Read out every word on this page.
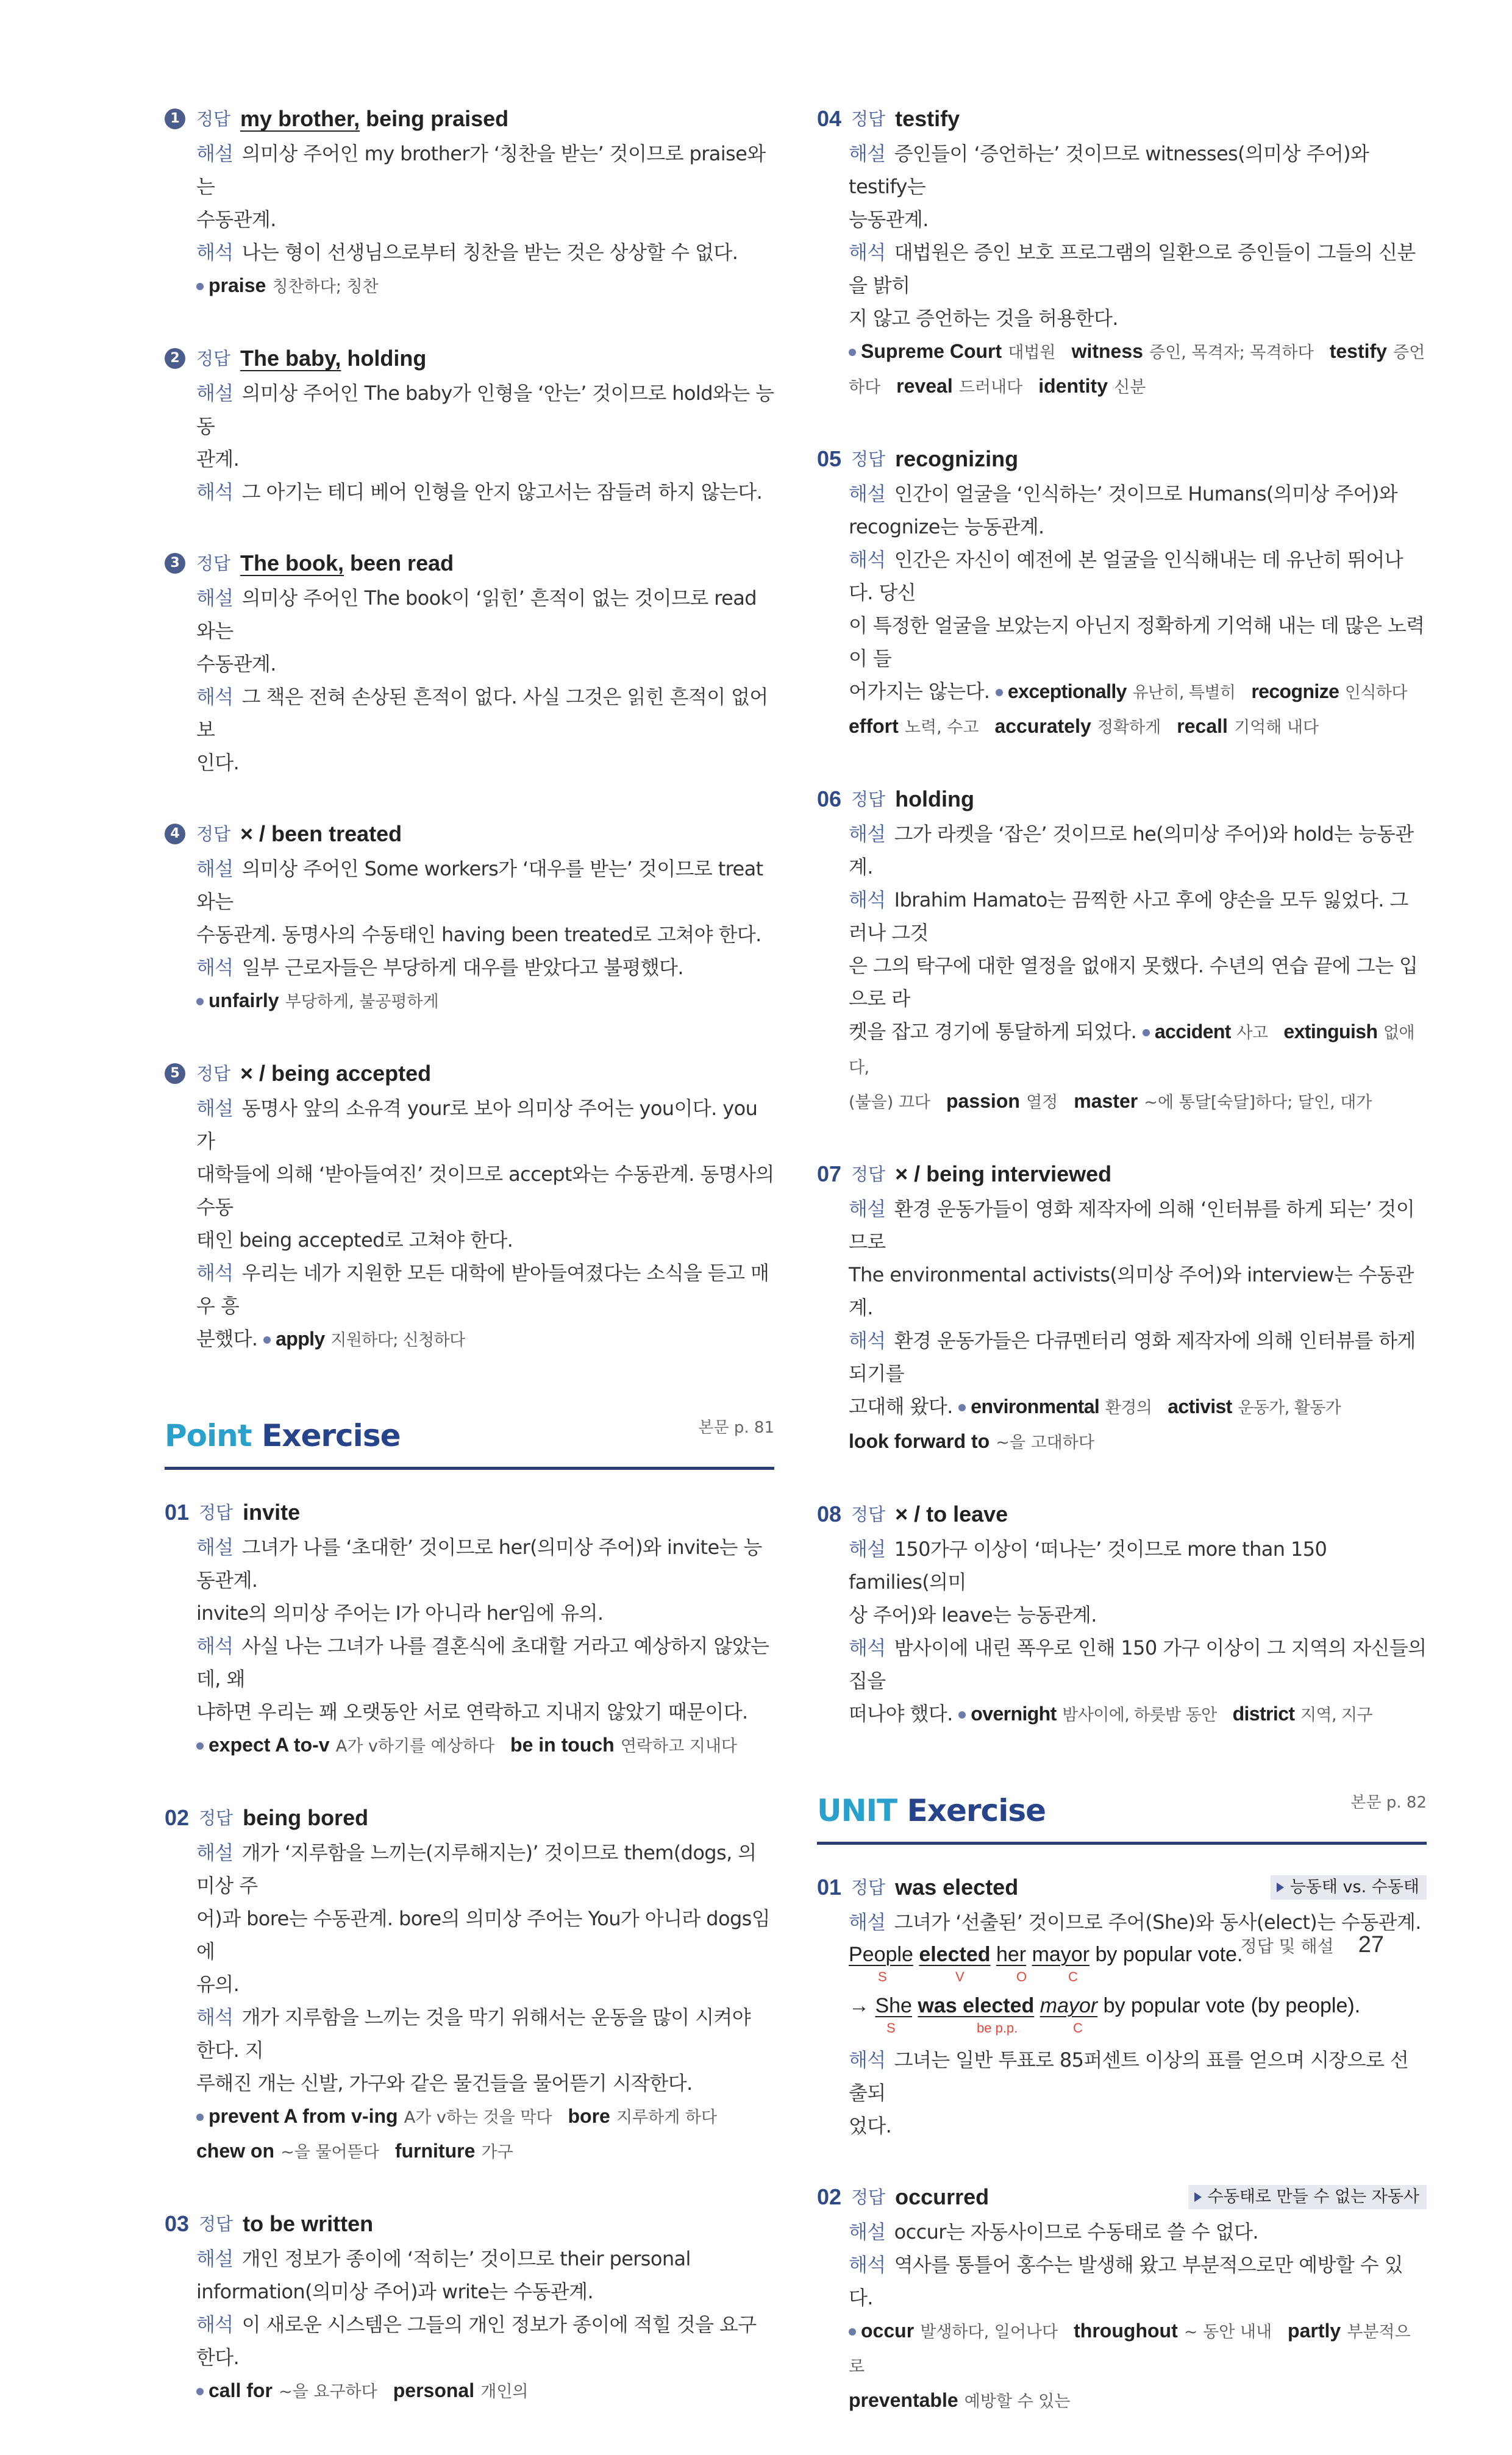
1 정답 my brother, being praised
해설 의미상 주어인 my brother가 ‘칭찬을 받는’ 것이므로 praise와는
수동관계.
해석 나는 형이 선생님으로부터 칭찬을 받는 것은 상상할 수 없다.
praise 칭찬하다; 칭찬
2 정답 The baby, holding
해설 의미상 주어인 The baby가 인형을 ‘안는’ 것이므로 hold와는 능동
관계.
해석 그 아기는 테디 베어 인형을 안지 않고서는 잠들려 하지 않는다.
3 정답 The book, been read
해설 의미상 주어인 The book이 ‘읽힌’ 흔적이 없는 것이므로 read와는
수동관계.
해석 그 책은 전혀 손상된 흔적이 없다. 사실 그것은 읽힌 흔적이 없어 보
인다.
4 정답 × / been treated
해설 의미상 주어인 Some workers가 ‘대우를 받는’ 것이므로 treat와는
수동관계. 동명사의 수동태인 having been treated로 고쳐야 한다.
해석 일부 근로자들은 부당하게 대우를 받았다고 불평했다.
unfairly 부당하게, 불공평하게
5 정답 × / being accepted
해설 동명사 앞의 소유격 your로 보아 의미상 주어는 you이다. you가
대학들에 의해 ‘받아들여진’ 것이므로 accept와는 수동관계. 동명사의 수동
태인 being accepted로 고쳐야 한다.
해석 우리는 네가 지원한 모든 대학에 받아들여졌다는 소식을 듣고 매우 흥
분했다. apply 지원하다; 신청하다
Point Exercise	본문 p. 81
01 정답 invite
해설 그녀가 나를 ‘초대한’ 것이므로 her(의미상 주어)와 invite는 능동관계.
invite의 의미상 주어는 I가 아니라 her임에 유의.
해석 사실 나는 그녀가 나를 결혼식에 초대할 거라고 예상하지 않았는데, 왜
냐하면 우리는 꽤 오랫동안 서로 연락하고 지내지 않았기 때문이다.
expect A to-v A가 v하기를 예상하다 be in touch 연락하고 지내다
02 정답 being bored
해설 개가 ‘지루함을 느끼는(지루해지는)’ 것이므로 them(dogs, 의미상 주
어)과 bore는 수동관계. bore의 의미상 주어는 You가 아니라 dogs임에
유의.
해석 개가 지루함을 느끼는 것을 막기 위해서는 운동을 많이 시켜야 한다. 지
루해진 개는 신발, 가구와 같은 물건들을 물어뜯기 시작한다.
prevent A from v-ing A가 v하는 것을 막다 bore 지루하게 하다
chew on ~을 물어뜯다 furniture 가구
03 정답 to be written
해설 개인 정보가 종이에 ‘적히는’ 것이므로 their personal
information(의미상 주어)과 write는 수동관계.
해석 이 새로운 시스템은 그들의 개인 정보가 종이에 적힐 것을 요구한다.
call for ~을 요구하다 personal 개인의
04 정답 testify
해설 증인들이 ‘증언하는’ 것이므로 witnesses(의미상 주어)와 testify는
능동관계.
해석 대법원은 증인 보호 프로그램의 일환으로 증인들이 그들의 신분을 밝히
지 않고 증언하는 것을 허용한다.
Supreme Court 대법원 witness 증인, 목격자; 목격하다 testify 증언
하다 reveal 드러내다 identity 신분
05 정답 recognizing
해설 인간이 얼굴을 ‘인식하는’ 것이므로 Humans(의미상 주어)와
recognize는 능동관계.
해석 인간은 자신이 예전에 본 얼굴을 인식해내는 데 유난히 뛰어나다. 당신
이 특정한 얼굴을 보았는지 아닌지 정확하게 기억해 내는 데 많은 노력이 들
어가지는 않는다. exceptionally 유난히, 특별히 recognize 인식하다
effort 노력, 수고 accurately 정확하게 recall 기억해 내다
06 정답 holding
해설 그가 라켓을 ‘잡은’ 것이므로 he(의미상 주어)와 hold는 능동관계.
해석 Ibrahim Hamato는 끔찍한 사고 후에 양손을 모두 잃었다. 그러나 그것
은 그의 탁구에 대한 열정을 없애지 못했다. 수년의 연습 끝에 그는 입으로 라
켓을 잡고 경기에 통달하게 되었다. accident 사고 extinguish 없애다,
(불을) 끄다 passion 열정 master ~에 통달[숙달]하다; 달인, 대가
07 정답 × / being interviewed
해설 환경 운동가들이 영화 제작자에 의해 ‘인터뷰를 하게 되는’ 것이므로
The environmental activists(의미상 주어)와 interview는 수동관계.
해석 환경 운동가들은 다큐멘터리 영화 제작자에 의해 인터뷰를 하게 되기를
고대해 왔다. environmental 환경의 activist 운동가, 활동가
look forward to ~을 고대하다
08 정답 × / to leave
해설 150가구 이상이 ‘떠나는’ 것이므로 more than 150 families(의미
상 주어)와 leave는 능동관계.
해석 밤사이에 내린 폭우로 인해 150 가구 이상이 그 지역의 자신들의 집을
떠나야 했다. overnight 밤사이에, 하룻밤 동안 district 지역, 지구
UNIT Exercise	본문 p. 82
01 정답 was elected	능동태 vs. 수동태
해설 그녀가 ‘선출된’ 것이므로 주어(She)와 동사(elect)는 수동관계.
People elected her mayor by popular vote.
S	V	O	C
→ She was elected mayor by popular vote (by people).
S	be p.p.	C
해석 그녀는 일반 투표로 85퍼센트 이상의 표를 얻으며 시장으로 선출되
었다.
02 정답 occurred	수동태로 만들 수 없는 자동사
해설 occur는 자동사이므로 수동태로 쓸 수 없다.
해석 역사를 통틀어 홍수는 발생해 왔고 부분적으로만 예방할 수 있다.
occur 발생하다, 일어나다 throughout ~ 동안 내내 partly 부분적으로
preventable 예방할 수 있는
정답 및 해설 27
